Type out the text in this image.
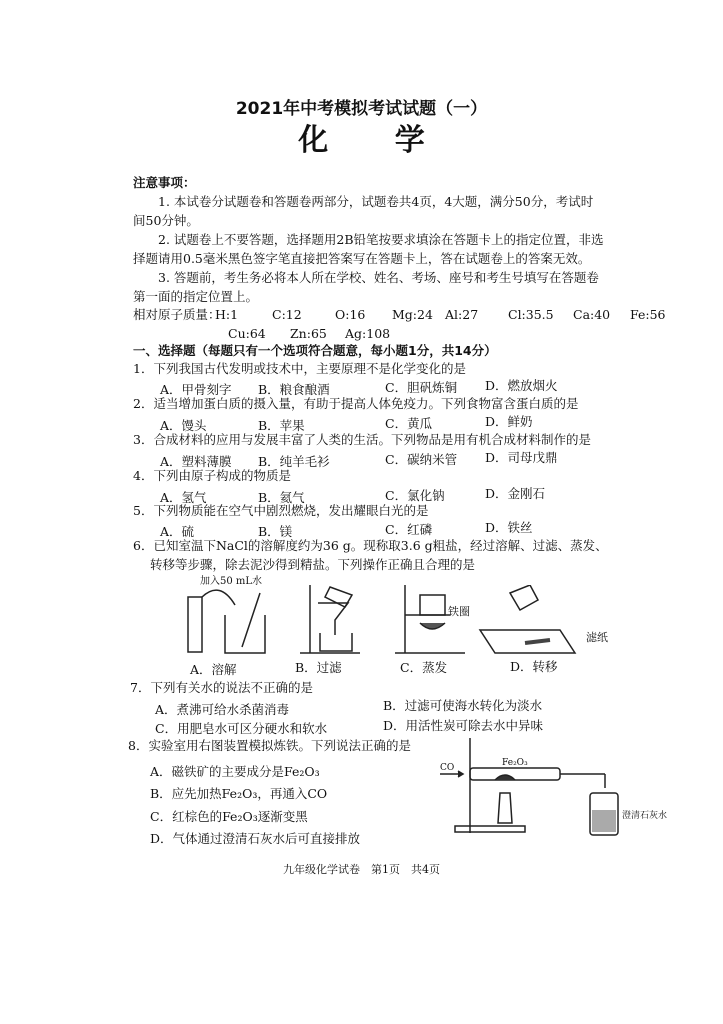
2021年中考模拟考试试题（一）
化 学
注意事项：
1. 本试卷分试题卷和答题卷两部分，试题卷共4页，4大题，满分50分，考试时
间50分钟。
2. 试题卷上不要答题，选择题用2B铅笔按要求填涂在答题卡上的指定位置，非选
择题请用0.5毫米黑色签字笔直接把答案写在答题卡上，答在试题卷上的答案无效。
3. 答题前，考生务必将本人所在学校、姓名、考场、座号和考生号填写在答题卷
第一面的指定位置上。
相对原子质量：
H:1	C:12	O:16 Mg:24 Al:27 Cl:35.5 Ca:40 Fe:56
Cu:64 Zn:65 Ag:108
一、选择题（每题只有一个选项符合题意，每小题1分，共14分）
1．下列我国古代发明或技术中，主要原理不是化学变化的是
A．甲骨刻字 B．粮食酿酒	C．胆矾炼铜 D．燃放烟火
2．适当增加蛋白质的摄入量，有助于提高人体免疫力。下列食物富含蛋白质的是
A．馒头	B．苹果	C．黄瓜	D．鲜奶
3．合成材料的应用与发展丰富了人类的生活。下列物品是用有机合成材料制作的是
A．塑料薄膜 B．纯羊毛衫	C．碳纳米管 D．司母戊鼎
4．下列由原子构成的物质是
A．氢气	B．氦气	C．氯化钠	D．金刚石
5．下列物质能在空气中剧烈燃烧，发出耀眼白光的是
A．硫	B．镁	C．红磷	D．铁丝
6．已知室温下NaCl的溶解度约为36 g。现称取3.6 g粗盐，经过溶解、过滤、蒸发、
转移等步骤，除去泥沙得到精盐。下列操作正确且合理的是
加入50 mL水
铁圈
滤纸
A．溶解	B．过滤	C．蒸发	D．转移
7．下列有关水的说法不正确的是
A．煮沸可给水杀菌消毒	B．过滤可使海水转化为淡水
C．用肥皂水可区分硬水和软水	D．用活性炭可除去水中异味
8．实验室用右图装置模拟炼铁。下列说法正确的是
A．磁铁矿的主要成分是Fe₂O₃
B．应先加热Fe₂O₃，再通入CO
C．红棕色的Fe₂O₃逐渐变黑
D．气体通过澄清石灰水后可直接排放
CO	Fe₂O₃
澄清石灰水
九年级化学试卷　第1页　共4页
